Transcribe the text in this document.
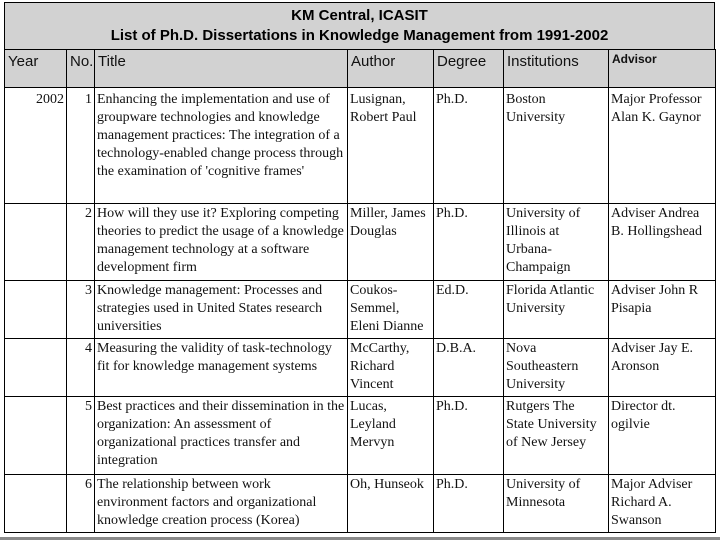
KM Central, ICASIT
List of Ph.D. Dissertations in Knowledge Management from 1991-2002
Year	No.	Title	Author	Degree	Institutions	Advisor
2002	1	Enhancing the implementation and use of groupware technologies and knowledge management practices: The integration of a technology-enabled change process through the examination of 'cognitive frames'	Lusignan, Robert Paul	Ph.D.	Boston University	Major Professor Alan K. Gaynor
	2	How will they use it? Exploring competing theories to predict the usage of a knowledge management technology at a software development firm	Miller, James Douglas	Ph.D.	University of Illinois at Urbana-Champaign	Adviser Andrea B. Hollingshead
	3	Knowledge management: Processes and strategies used in United States research universities	Coukos-Semmel, Eleni Dianne	Ed.D.	Florida Atlantic University	Adviser John R Pisapia
	4	Measuring the validity of task-technology fit for knowledge management systems	McCarthy, Richard Vincent	D.B.A.	Nova Southeastern University	Adviser Jay E. Aronson
	5	Best practices and their dissemination in the organization: An assessment of organizational practices transfer and integration	Lucas, Leyland Mervyn	Ph.D.	Rutgers The State University of New Jersey	Director dt. ogilvie
	6	The relationship between work environment factors and organizational knowledge creation process (Korea)	Oh, Hunseok	Ph.D.	University of Minnesota	Major Adviser Richard A. Swanson
